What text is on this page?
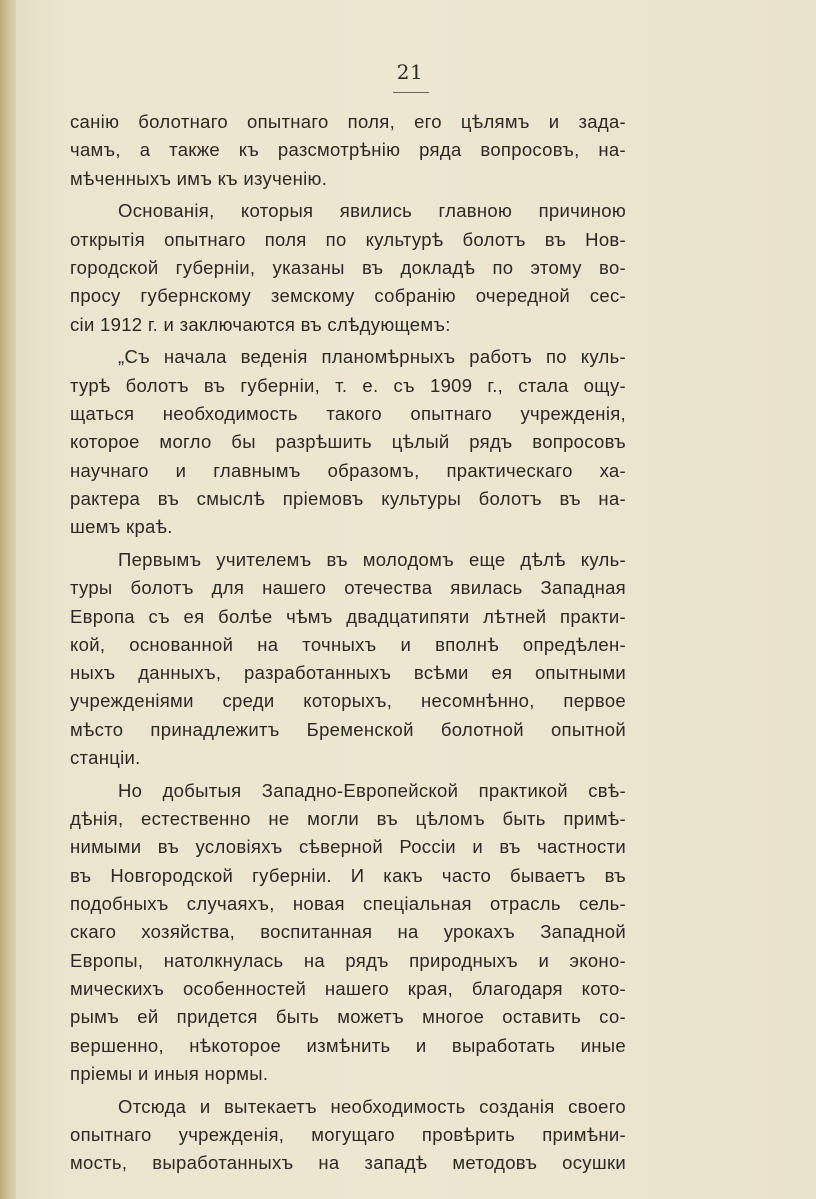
21
санію болотнаго опытнаго поля, его цѣлямъ и зада-
чамъ, а также къ разсмотрѣнію ряда вопросовъ, на-
мѣченныхъ имъ къ изученію.
Основанія, которыя явились главною причиною
открытія опытнаго поля по культурѣ болотъ въ Нов-
городской губерніи, указаны въ докладѣ по этому во-
просу губернскому земскому собранію очередной сес-
сіи 1912 г. и заключаются въ слѣдующемъ:
„Съ начала веденія планомѣрныхъ работъ по куль-
турѣ болотъ въ губерніи, т. е. съ 1909 г., стала ощу-
щаться необходимость такого опытнаго учрежденія,
которое могло бы разрѣшить цѣлый рядъ вопросовъ
научнаго и главнымъ образомъ, практическаго ха-
рактера въ смыслѣ пріемовъ культуры болотъ въ на-
шемъ краѣ.
Первымъ учителемъ въ молодомъ еще дѣлѣ куль-
туры болотъ для нашего отечества явилась Западная
Европа съ ея болѣе чѣмъ двадцатипяти лѣтней практи-
кой, основанной на точныхъ и вполнѣ опредѣлен-
ныхъ данныхъ, разработанныхъ всѣми ея опытными
учрежденіями среди которыхъ, несомнѣнно, первое
мѣсто принадлежитъ Бременской болотной опытной
станціи.
Но добытыя Западно-Европейской практикой свѣ-
дѣнія, естественно не могли въ цѣломъ быть примѣ-
нимыми въ условіяхъ сѣверной Россіи и въ частности
въ Новгородской губерніи. И какъ часто бываетъ въ
подобныхъ случаяхъ, новая спеціальная отрасль сель-
скаго хозяйства, воспитанная на урокахъ Западной
Европы, натолкнулась на рядъ природныхъ и эконо-
мическихъ особенностей нашего края, благодаря кото-
рымъ ей придется быть можетъ многое оставить со-
вершенно, нѣкоторое измѣнить и выработать иные
пріемы и иныя нормы.
Отсюда и вытекаетъ необходимость созданія своего
опытнаго учрежденія, могущаго провѣрить примѣни-
мость, выработанныхъ на западѣ методовъ осушки
